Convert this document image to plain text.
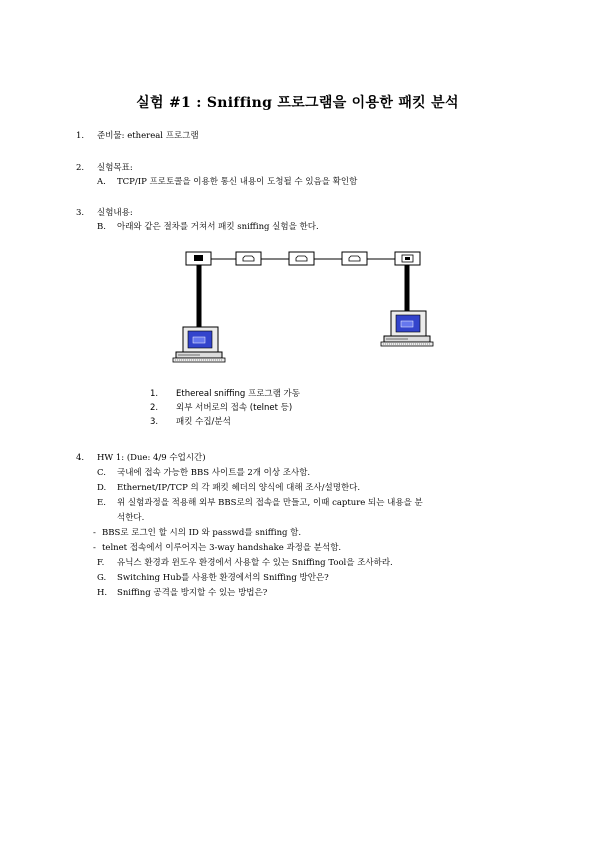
실험 #1 : Sniffing 프로그램을 이용한 패킷 분석
1. 준비물: ethereal 프로그램
2. 실험목표:
A. TCP/IP 프로토콜을 이용한 통신 내용이 도청될 수 있음을 확인함
3. 실험내용:
B. 아래와 같은 절차를 거쳐서 패킷 sniffing 실험을 한다.
1. Ethereal sniffing 프로그램 가동
2. 외부 서버로의 접속 (telnet 등)
3. 패킷 수집/분석
4. HW 1: (Due: 4/9 수업시간)
C. 국내에 접속 가능한 BBS 사이트를 2개 이상 조사함.
D. Ethernet/IP/TCP 의 각 패킷 헤더의 양식에 대해 조사/설명한다.
E. 위 실험과정을 적용해 외부 BBS로의 접속을 만들고, 이때 capture 되는 내용을 분
석한다.
- BBS로 로그인 할 시의 ID 와 passwd를 sniffing 함.
- telnet 접속에서 이루어지는 3-way handshake 과정을 분석함.
F. 유닉스 환경과 윈도우 환경에서 사용할 수 있는 Sniffing Tool을 조사하라.
G. Switching Hub를 사용한 환경에서의 Sniffing 방안은?
H. Sniffing 공격을 방지할 수 있는 방법은?
